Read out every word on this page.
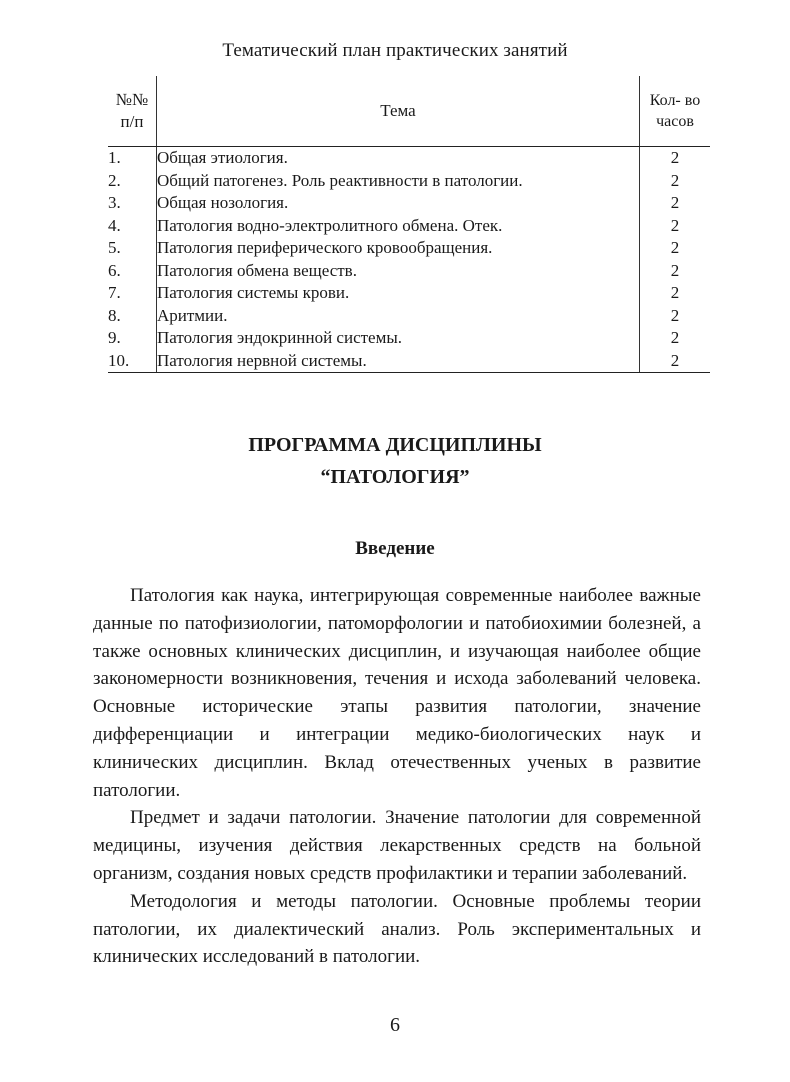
Тематический план практических занятий
№№ п/п	Тема	Кол- во часов
1.	Общая этиология.	2
2.	Общий патогенез. Роль реактивности в патологии.	2
3.	Общая нозология.	2
4.	Патология водно-электролитного обмена. Отек.	2
5.	Патология периферического кровообращения.	2
6.	Патология обмена веществ.	2
7.	Патология системы крови.	2
8.	Аритмии.	2
9.	Патология эндокринной системы.	2
10.	Патология нервной системы.	2
ПРОГРАММА ДИСЦИПЛИНЫ
“ПАТОЛОГИЯ”
Введение

Патология как наука, интегрирующая современные наиболее важные данные по патофизиологии, патоморфологии и патобиохимии болезней, а также основных клинических дисциплин, и изучающая наиболее общие закономерности возникновения, течения и исхода заболеваний человека. Основные исторические этапы развития патологии, значение дифференциации и интеграции медико-биологических наук и клинических дисциплин. Вклад отечественных ученых в развитие патологии.

Предмет и задачи патологии. Значение патологии для современной медицины, изучения действия лекарственных средств на больной организм, создания новых средств профилактики и терапии заболеваний.

Методология и методы патологии. Основные проблемы теории патологии, их диалектический анализ. Роль экспериментальных и клинических исследований в патологии.

6
